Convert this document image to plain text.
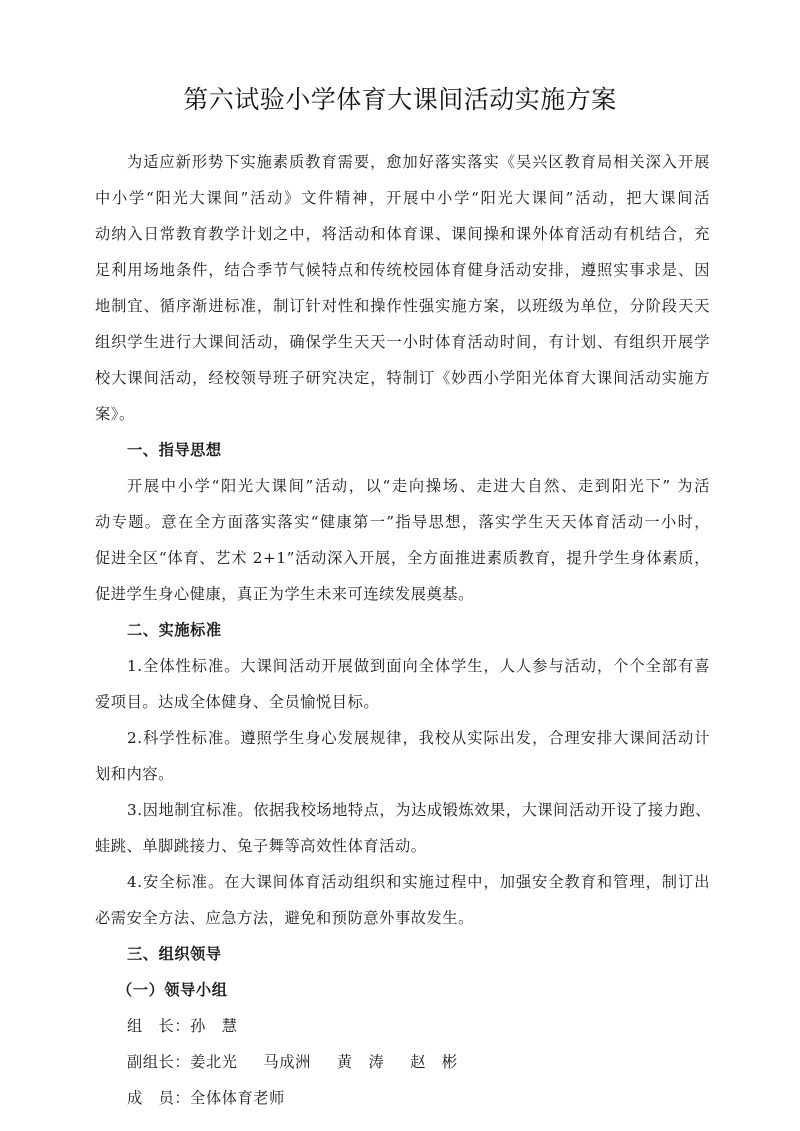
第六试验小学体育大课间活动实施方案
为适应新形势下实施素质教育需要，愈加好落实落实《吴兴区教育局相关深入开展
中小学“阳光大课间”活动》文件精神，开展中小学“阳光大课间”活动，把大课间活
动纳入日常教育教学计划之中，将活动和体育课、课间操和课外体育活动有机结合，充
足利用场地条件，结合季节气候特点和传统校园体育健身活动安排，遵照实事求是、因
地制宜、循序渐进标准，制订针对性和操作性强实施方案，以班级为单位，分阶段天天
组织学生进行大课间活动，确保学生天天一小时体育活动时间，有计划、有组织开展学
校大课间活动，经校领导班子研究决定，特制订《妙西小学阳光体育大课间活动实施方
案》。
一、指导思想
开展中小学“阳光大课间”活动，以“走向操场、走进大自然、走到阳光下” 为活
动专题。意在全方面落实落实“健康第一”指导思想，落实学生天天体育活动一小时，
促进全区“体育、艺术 2+1”活动深入开展，全方面推进素质教育，提升学生身体素质，
促进学生身心健康，真正为学生未来可连续发展奠基。
二、实施标准
1.全体性标准。大课间活动开展做到面向全体学生，人人参与活动，个个全部有喜
爱项目。达成全体健身、全员愉悦目标。
2.科学性标准。遵照学生身心发展规律，我校从实际出发，合理安排大课间活动计
划和内容。
3.因地制宜标准。依据我校场地特点，为达成锻炼效果，大课间活动开设了接力跑、
蛙跳、单脚跳接力、兔子舞等高效性体育活动。
4.安全标准。在大课间体育活动组织和实施过程中，加强安全教育和管理，制订出
必需安全方法、应急方法，避免和预防意外事故发生。
三、组织领导
（一）领导小组
组　长：孙　慧
副组长：姜北光 马成洲 黄　涛 赵　彬
成　员：全体体育老师
